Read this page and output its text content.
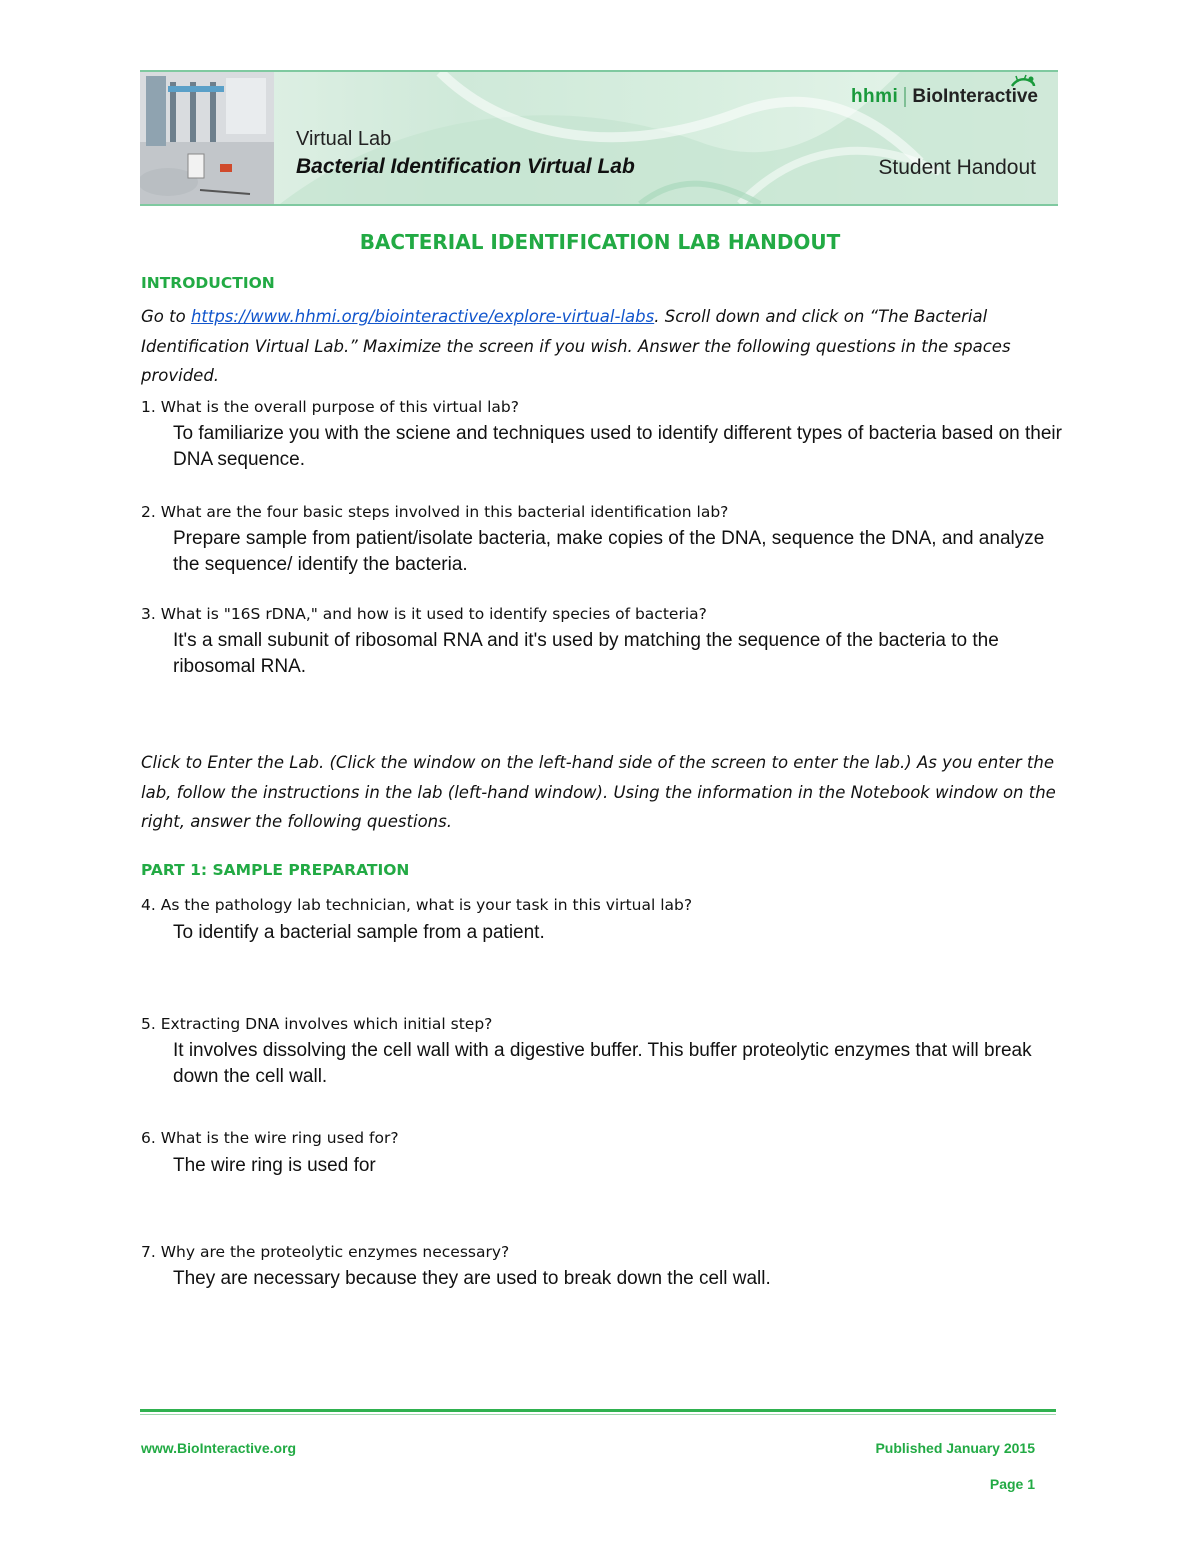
hhmi BioInteractive
Virtual Lab
Bacterial Identification Virtual Lab	Student Handout
BACTERIAL IDENTIFICATION LAB HANDOUT
INTRODUCTION
Go to https://www.hhmi.org/biointeractive/explore-virtual-labs. Scroll down and click on “The Bacterial Identification Virtual Lab.” Maximize the screen if you wish. Answer the following questions in the spaces provided.
1. What is the overall purpose of this virtual lab?
To familiarize you with the sciene and techniques used to identify different types of bacteria based on their DNA sequence.
2. What are the four basic steps involved in this bacterial identification lab?
Prepare sample from patient/isolate bacteria, make copies of the DNA, sequence the DNA, and analyze the sequence/ identify the bacteria.
3. What is "16S rDNA," and how is it used to identify species of bacteria?
It's a small subunit of ribosomal RNA and it's used by matching the sequence of the bacteria to the ribosomal RNA.
Click to Enter the Lab. (Click the window on the left-hand side of the screen to enter the lab.) As you enter the lab, follow the instructions in the lab (left-hand window). Using the information in the Notebook window on the right, answer the following questions.
PART 1: SAMPLE PREPARATION
4. As the pathology lab technician, what is your task in this virtual lab?
To identify a bacterial sample from a patient.
5. Extracting DNA involves which initial step?
It involves dissolving the cell wall with a digestive buffer. This buffer proteolytic enzymes that will break down the cell wall.
6. What is the wire ring used for?
The wire ring is used for
7. Why are the proteolytic enzymes necessary?
They are necessary because they are used to break down the cell wall.
www.BioInteractive.org	Published January 2015
Page 1
